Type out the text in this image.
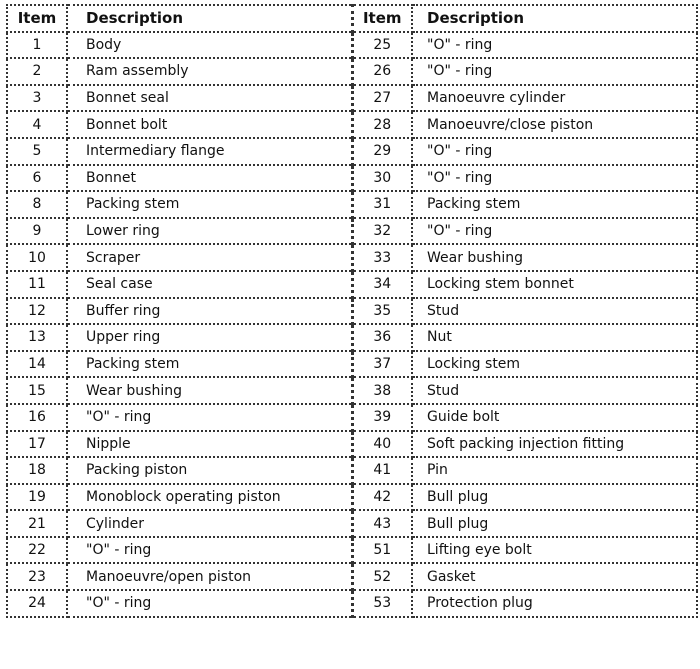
Item	Description	Item	Description
1	Body	25	"O" - ring
2	Ram assembly	26	"O" - ring
3	Bonnet seal	27	Manoeuvre cylinder
4	Bonnet bolt	28	Manoeuvre/close piston
5	Intermediary flange	29	"O" - ring
6	Bonnet	30	"O" - ring
8	Packing stem	31	Packing stem
9	Lower ring	32	"O" - ring
10	Scraper	33	Wear bushing
11	Seal case	34	Locking stem bonnet
12	Buffer ring	35	Stud
13	Upper ring	36	Nut
14	Packing stem	37	Locking stem
15	Wear bushing	38	Stud
16	"O" - ring	39	Guide bolt
17	Nipple	40	Soft packing injection fitting
18	Packing piston	41	Pin
19	Monoblock operating piston	42	Bull plug
21	Cylinder	43	Bull plug
22	"O" - ring	51	Lifting eye bolt
23	Manoeuvre/open piston	52	Gasket
24	"O" - ring	53	Protection plug
